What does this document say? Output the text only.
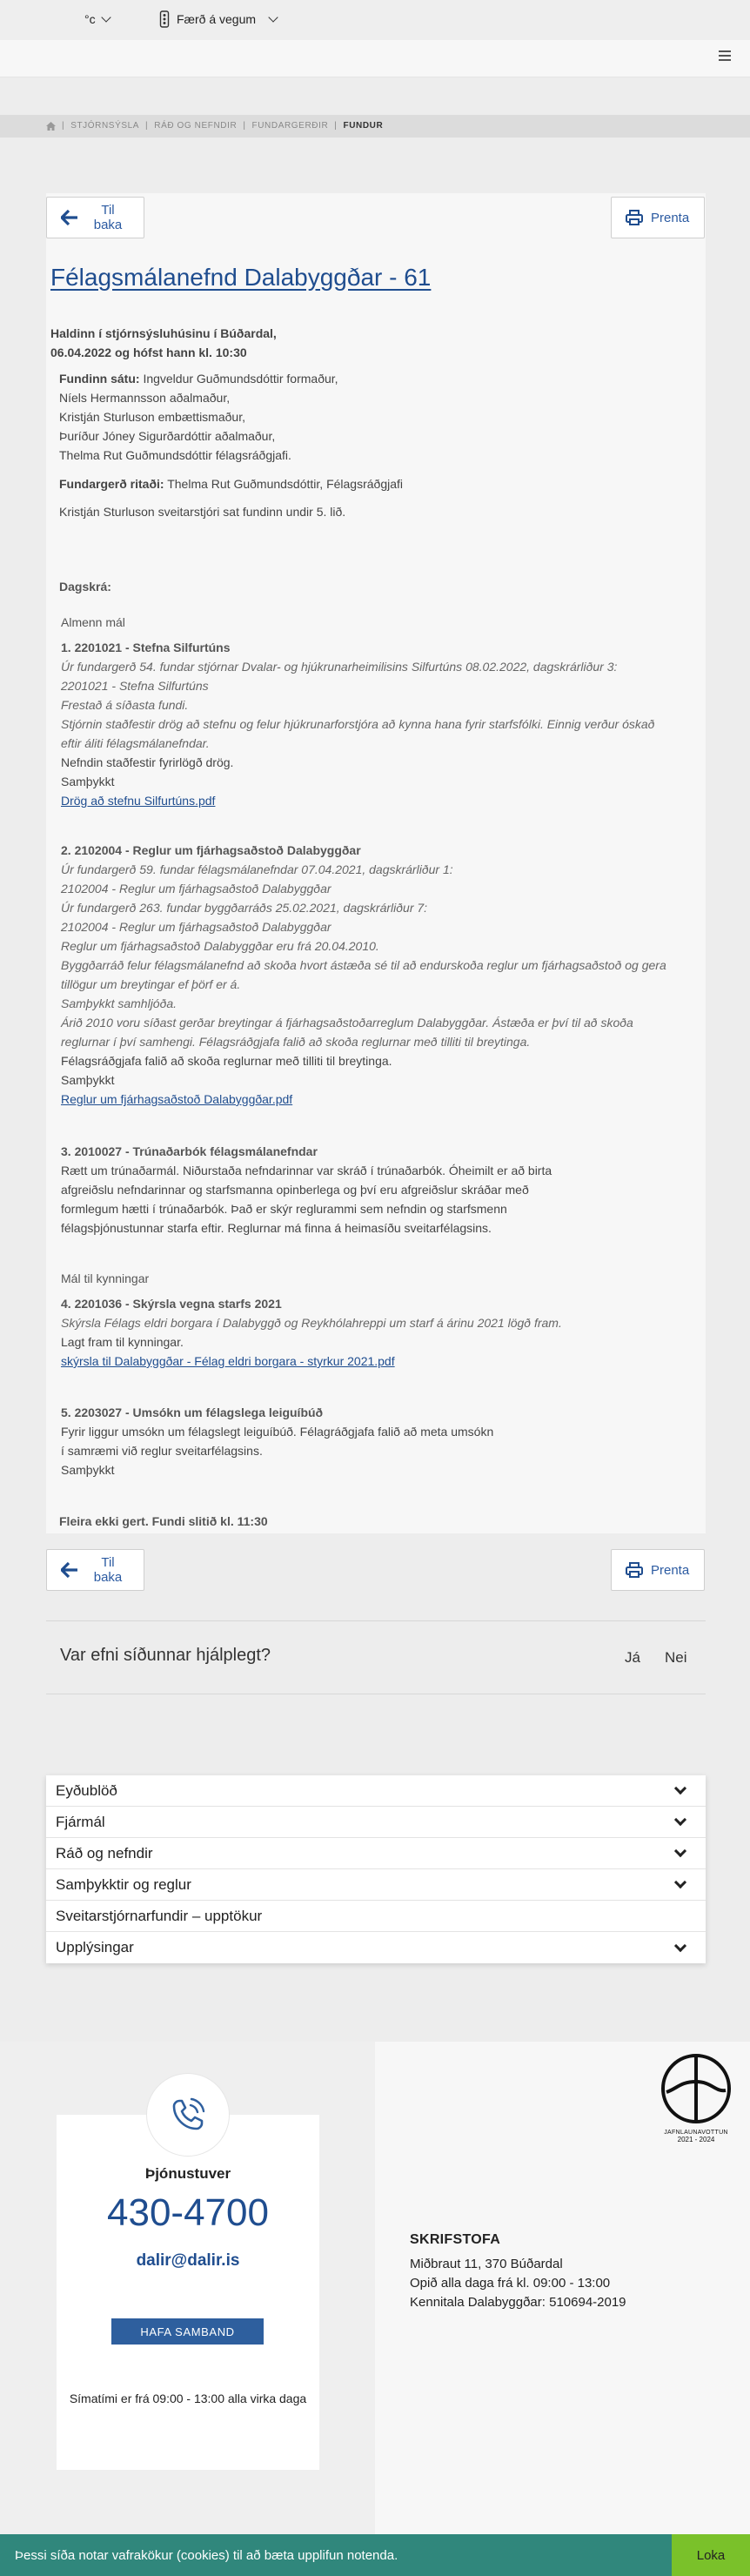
°c	Færð á vegum
| STJÓRNSÝSLA | RÁÐ OG NEFNDIR | FUNDARGERÐIR | FUNDUR
Til baka	Prenta
Félagsmálanefnd Dalabyggðar - 61
Haldinn í stjórnsýsluhúsinu í Búðardal,
06.04.2022 og hófst hann kl. 10:30
Fundinn sátu: Ingveldur Guðmundsdóttir formaður,
Níels Hermannsson aðalmaður,
Kristján Sturluson embættismaður,
Þuríður Jóney Sigurðardóttir aðalmaður,
Thelma Rut Guðmundsdóttir félagsráðgjafi.
Fundargerð ritaði: Thelma Rut Guðmundsdóttir, Félagsráðgjafi
Kristján Sturluson sveitarstjóri sat fundinn undir 5. lið.
Dagskrá:
Almenn mál
1. 2201021 - Stefna Silfurtúns
Úr fundargerð 54. fundar stjórnar Dvalar- og hjúkrunarheimilisins Silfurtúns 08.02.2022, dagskrárliður 3:
2201021 - Stefna Silfurtúns
Frestað á síðasta fundi.
Stjórnin staðfestir drög að stefnu og felur hjúkrunarforstjóra að kynna hana fyrir starfsfólki. Einnig verður óskað
eftir áliti félagsmálanefndar.
Nefndin staðfestir fyrirlögð drög.
Samþykkt
Drög að stefnu Silfurtúns.pdf
2. 2102004 - Reglur um fjárhagsaðstoð Dalabyggðar
Úr fundargerð 59. fundar félagsmálanefndar 07.04.2021, dagskrárliður 1:
2102004 - Reglur um fjárhagsaðstoð Dalabyggðar
Úr fundargerð 263. fundar byggðarráðs 25.02.2021, dagskrárliður 7:
2102004 - Reglur um fjárhagsaðstoð Dalabyggðar
Reglur um fjárhagsaðstoð Dalabyggðar eru frá 20.04.2010.
Byggðarráð felur félagsmálanefnd að skoða hvort ástæða sé til að endurskoða reglur um fjárhagsaðstoð og gera
tillögur um breytingar ef þörf er á.
Samþykkt samhljóða.
Árið 2010 voru síðast gerðar breytingar á fjárhagsaðstoðarreglum Dalabyggðar. Ástæða er því til að skoða
reglurnar í því samhengi. Félagsráðgjafa falið að skoða reglurnar með tilliti til breytinga.
Félagsráðgjafa falið að skoða reglurnar með tilliti til breytinga.
Samþykkt
Reglur um fjárhagsaðstoð Dalabyggðar.pdf
3. 2010027 - Trúnaðarbók félagsmálanefndar
Rætt um trúnaðarmál. Niðurstaða nefndarinnar var skráð í trúnaðarbók. Óheimilt er að birta
afgreiðslu nefndarinnar og starfsmanna opinberlega og því eru afgreiðslur skráðar með
formlegum hætti í trúnaðarbók. Það er skýr reglurammi sem nefndin og starfsmenn
félagsþjónustunnar starfa eftir. Reglurnar má finna á heimasíðu sveitarfélagsins.
Mál til kynningar
4. 2201036 - Skýrsla vegna starfs 2021
Skýrsla Félags eldri borgara í Dalabyggð og Reykhólahreppi um starf á árinu 2021 lögð fram.
Lagt fram til kynningar.
skýrsla til Dalabyggðar - Félag eldri borgara - styrkur 2021.pdf
5. 2203027 - Umsókn um félagslega leiguíbúð
Fyrir liggur umsókn um félagslegt leiguíbúð. Félagráðgjafa falið að meta umsókn
í samræmi við reglur sveitarfélagsins.
Samþykkt
Fleira ekki gert. Fundi slitið kl. 11:30
Til baka	Prenta
Var efni síðunnar hjálplegt?	Já Nei
Eyðublöð
Fjármál
Ráð og nefndir
Samþykktir og reglur
Sveitarstjórnarfundir – upptökur
Upplýsingar
Þjónustuver
430-4700
dalir@dalir.is
HAFA SAMBAND
Símatími er frá 09:00 - 13:00 alla virka daga
SKRIFSTOFA
Miðbraut 11, 370 Búðardal
Opið alla daga frá kl. 09:00 - 13:00
Kennitala Dalabyggðar: 510694-2019
JAFNLAUNAVOTTUN
2021 - 2024
Þessi síða notar vafrakökur (cookies) til að bæta upplifun notenda.	Loka
